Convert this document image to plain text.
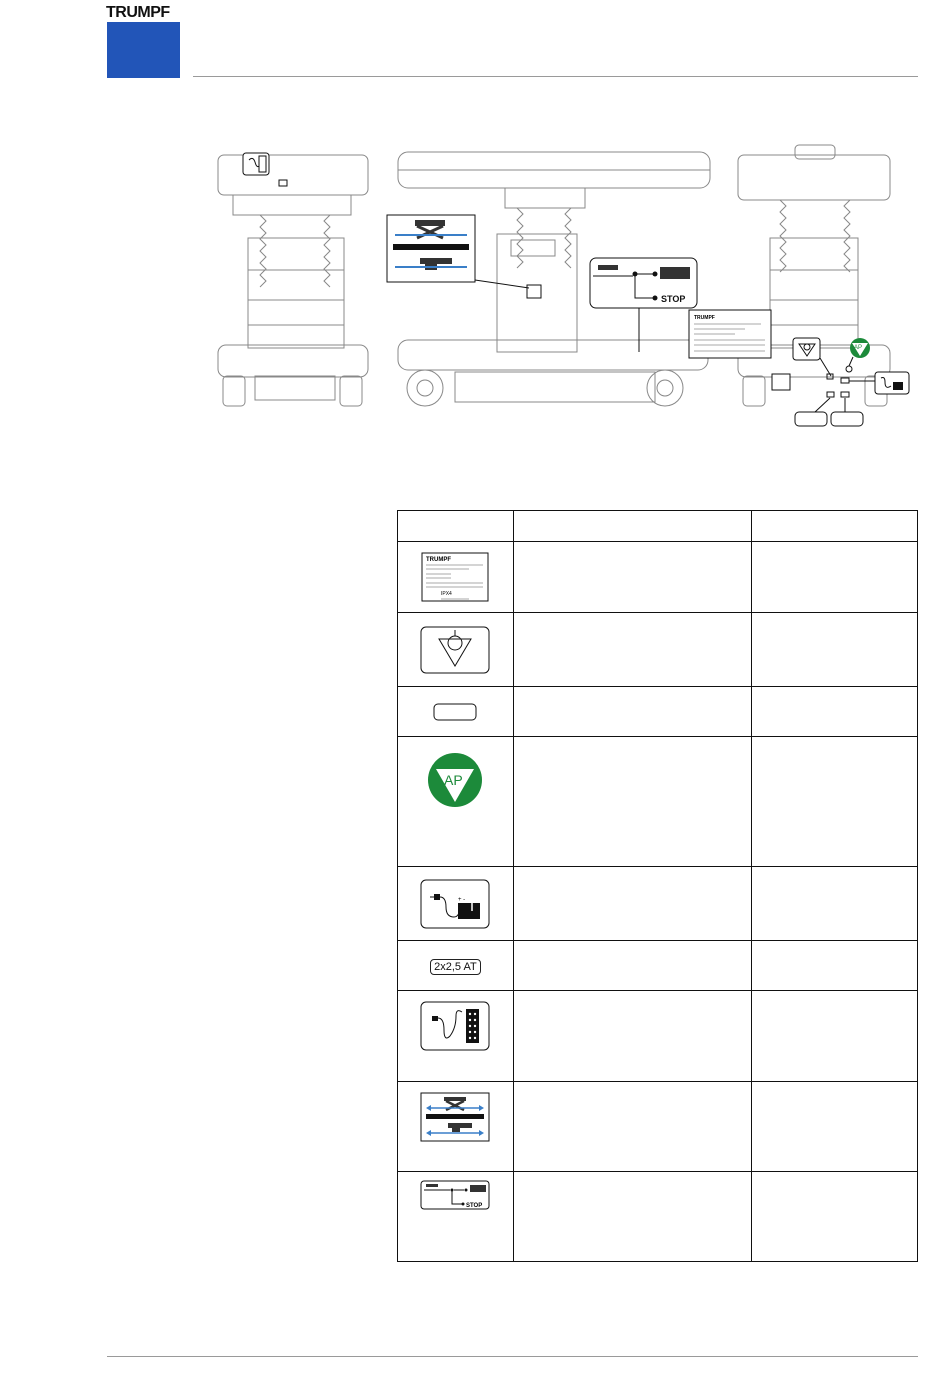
TRUMPF
STOP
TRUMPF
AP

TRUMPF
IPX4		

AP		

+ -		

2x2,5 AT		

STOP		
